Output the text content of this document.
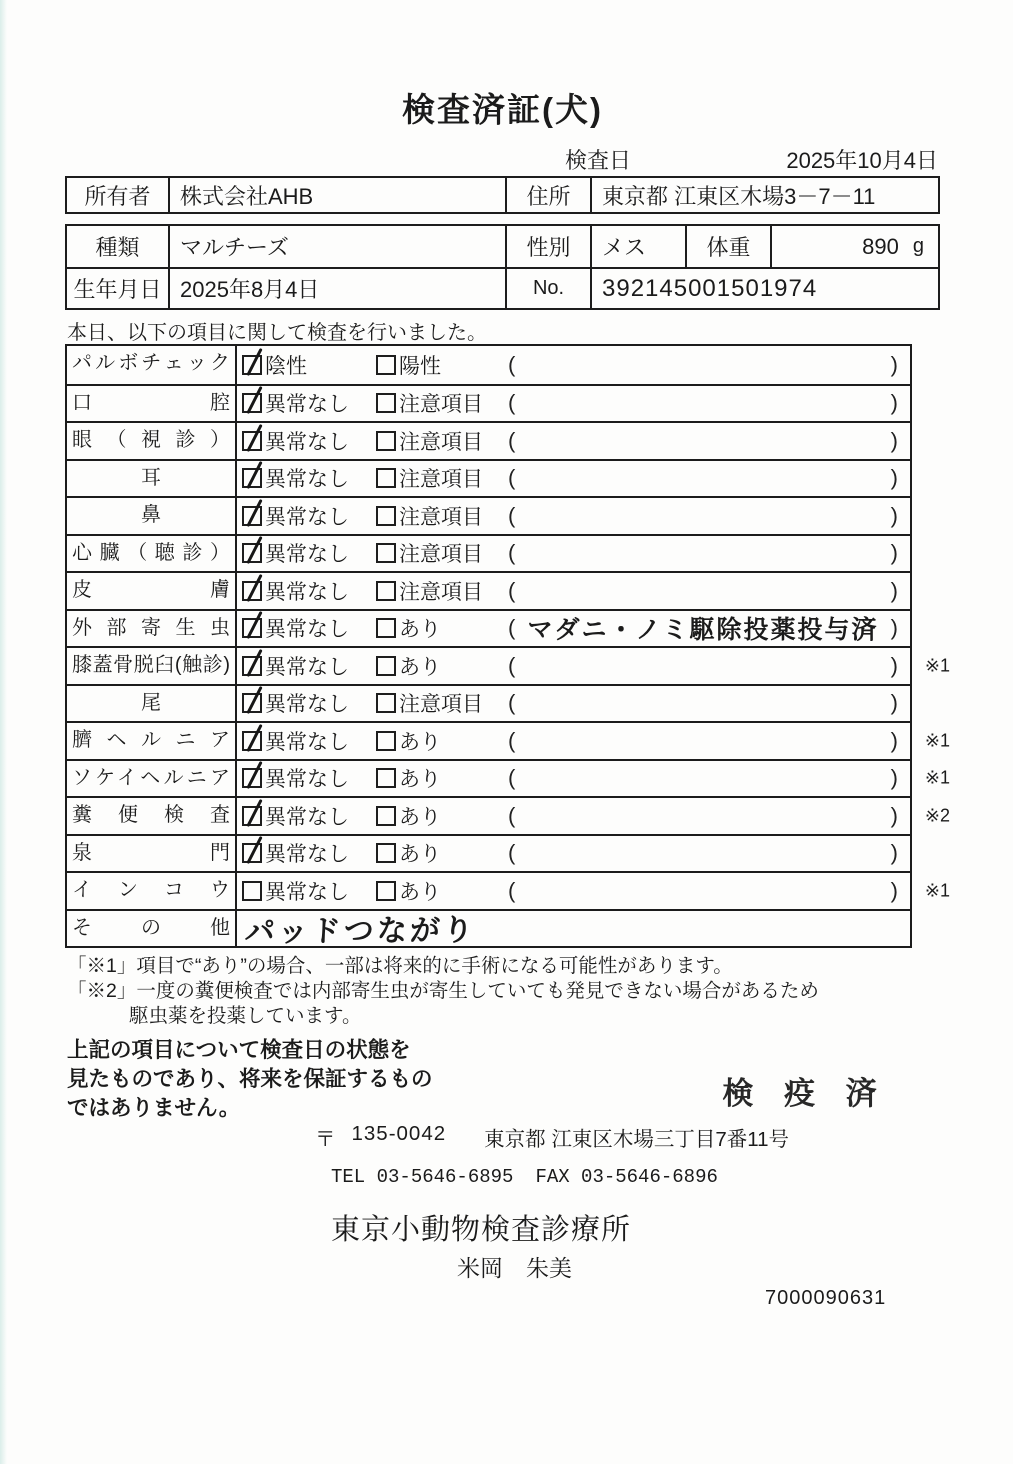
検査済証(犬)
検査日	2025年10月4日
所有者	株式会社AHB	住所	東京都 江東区木場3－7－11
種類	マルチーズ	性別	メス	体重	890 g
生年月日 2025年8月4日	No.	392145001501974
本日、以下の項目に関して検査を行いました。
パルボチェック	陰性	陽性	(	)
口腔	異常なし 注意項目 (	)
眼（視診）	異常なし 注意項目 (	)
耳	異常なし 注意項目 (	)
鼻	異常なし 注意項目 (	)
心臓（聴診）	異常なし 注意項目 (	)
皮膚	異常なし 注意項目 (	)
外部寄生虫	異常なし あり	( マダニ・ノミ駆除投薬投与済 )
膝蓋骨脱臼(触診)	異常なし あり	(	) ※1
尾	異常なし 注意項目 (	)
臍ヘルニア	異常なし あり	(	) ※1
ソケイヘルニア	異常なし あり	(	) ※1
糞便検査	異常なし あり	(	) ※2
泉門	異常なし あり	(	)
インコウ	異常なし あり	(	) ※1
その他 パッドつながり
「※1」項目で“あり”の場合、一部は将来的に手術になる可能性があります。
「※2」一度の糞便検査では内部寄生虫が寄生していても発見できない場合があるため
駆虫薬を投薬しています。
上記の項目について検査日の状態を
見たものであり、将来を保証するもの
ではありません。	検 疫 済
〒 135-0042 東京都 江東区木場三丁目7番11号
TEL 03-5646-6895 FAX 03-5646-6896
東京小動物検査診療所
米岡　朱美
7000090631
